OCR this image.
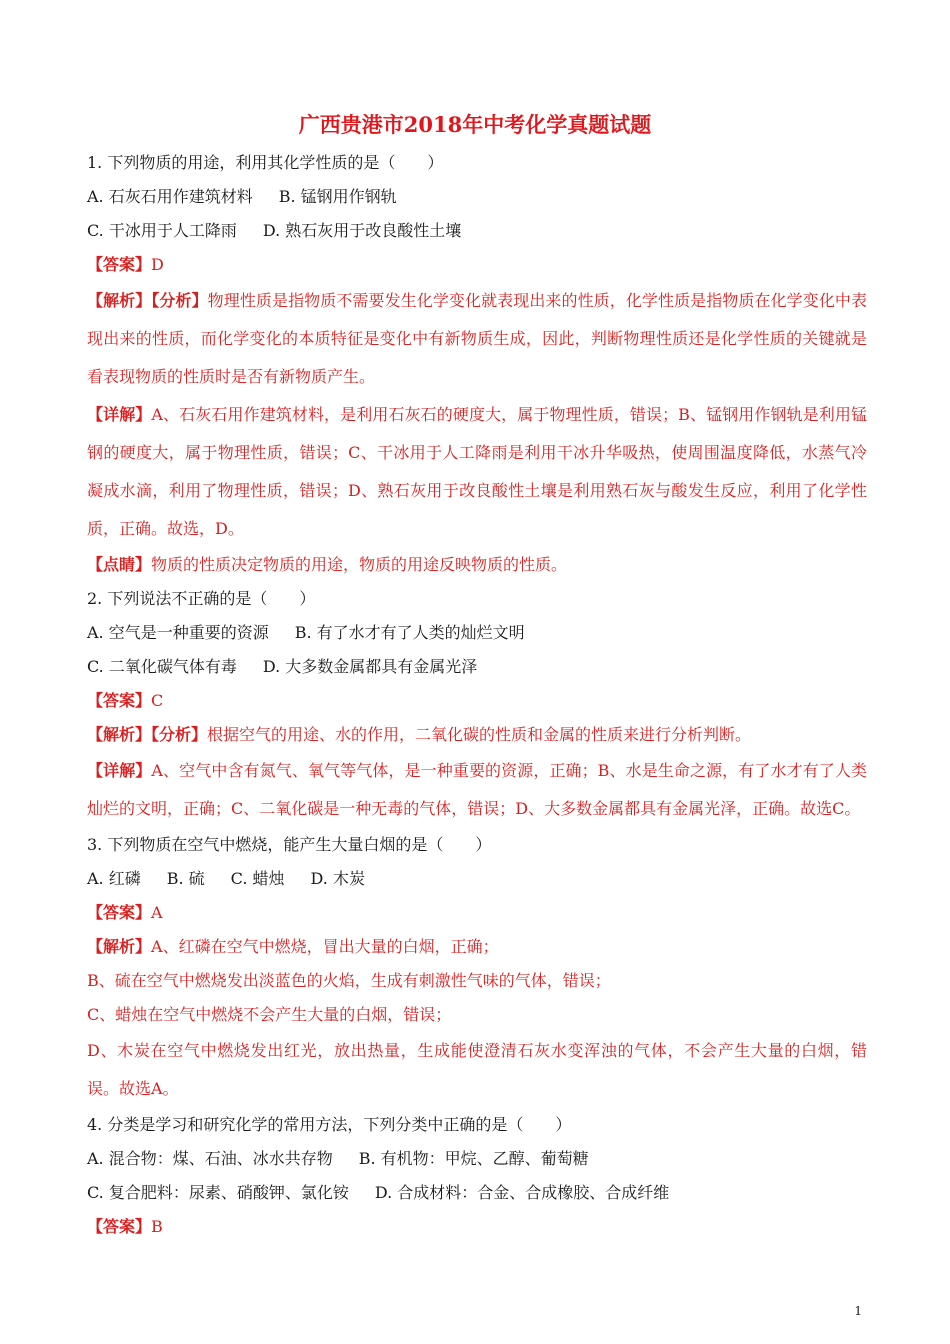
广西贵港市2018年中考化学真题试题
1. 下列物质的用途，利用其化学性质的是（　　）
A. 石灰石用作建筑材料 B. 锰钢用作钢轨
C. 干冰用于人工降雨 D. 熟石灰用于改良酸性土壤
【答案】D

【解析】【分析】物理性质是指物质不需要发生化学变化就表现出来的性质，化学性质是指物质在化学变化中表现出来的性质，而化学变化的本质特征是变化中有新物质生成，因此，判断物理性质还是化学性质的关键就是看表现物质的性质时是否有新物质产生。

【详解】A、石灰石用作建筑材料，是利用石灰石的硬度大，属于物理性质，错误；B、锰钢用作钢轨是利用锰钢的硬度大，属于物理性质，错误；C、干冰用于人工降雨是利用干冰升华吸热，使周围温度降低，水蒸气冷凝成水滴，利用了物理性质，错误；D、熟石灰用于改良酸性土壤是利用熟石灰与酸发生反应，利用了化学性质，正确。故选，D。

【点睛】物质的性质决定物质的用途，物质的用途反映物质的性质。
2. 下列说法不正确的是（　　）
A. 空气是一种重要的资源 B. 有了水才有了人类的灿烂文明
C. 二氧化碳气体有毒 D. 大多数金属都具有金属光泽
【答案】C
【解析】【分析】根据空气的用途、水的作用，二氧化碳的性质和金属的性质来进行分析判断。

【详解】A、空气中含有氮气、氧气等气体，是一种重要的资源，正确；B、水是生命之源，有了水才有了人类灿烂的文明，正确；C、二氧化碳是一种无毒的气体，错误；D、大多数金属都具有金属光泽，正确。故选C。

3. 下列物质在空气中燃烧，能产生大量白烟的是（　　）
A. 红磷 B. 硫 C. 蜡烛 D. 木炭
【答案】A
【解析】A、红磷在空气中燃烧，冒出大量的白烟，正确；
B、硫在空气中燃烧发出淡蓝色的火焰，生成有刺激性气味的气体，错误；
C、蜡烛在空气中燃烧不会产生大量的白烟，错误；

D、木炭在空气中燃烧发出红光，放出热量，生成能使澄清石灰水变浑浊的气体，不会产生大量的白烟，错误。故选A。

4. 分类是学习和研究化学的常用方法，下列分类中正确的是（　　）
A. 混合物：煤、石油、冰水共存物 B. 有机物：甲烷、乙醇、葡萄糖
C. 复合肥料：尿素、硝酸钾、氯化铵 D. 合成材料：合金、合成橡胶、合成纤维
【答案】B
1
